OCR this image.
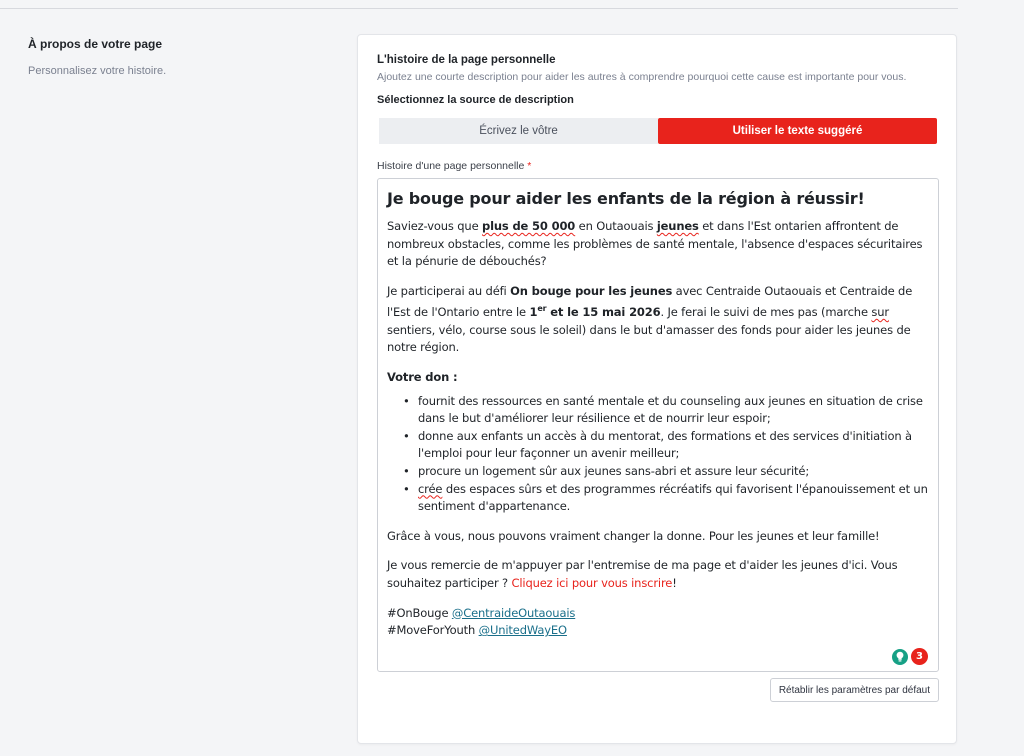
À propos de votre page
Personnalisez votre histoire.
L'histoire de la page personnelle
Ajoutez une courte description pour aider les autres à comprendre pourquoi cette cause est importante pour vous.
Sélectionnez la source de description
Écrivez le vôtre	Utiliser le texte suggéré
Histoire d'une page personnelle *
Je bouge pour aider les enfants de la région à réussir!

Saviez-vous que plus de 50 000 en Outaouais jeunes et dans l'Est ontarien affrontent de nombreux obstacles, comme les problèmes de santé mentale, l'absence d'espaces sécuritaires et la pénurie de débouchés?

Je participerai au défi On bouge pour les jeunes avec Centraide Outaouais et Centraide de l'Est de l'Ontario entre le 1er et le 15 mai 2026. Je ferai le suivi de mes pas (marche sur sentiers, vélo, course sous le soleil) dans le but d'amasser des fonds pour aider les jeunes de notre région.

Votre don :

• fournit des ressources en santé mentale et du counseling aux jeunes en situation de crise dans le but d'améliorer leur résilience et de nourrir leur espoir;
• donne aux enfants un accès à du mentorat, des formations et des services d'initiation à l'emploi pour leur façonner un avenir meilleur;
• procure un logement sûr aux jeunes sans-abri et assure leur sécurité;
• crée des espaces sûrs et des programmes récréatifs qui favorisent l'épanouissement et un sentiment d'appartenance.

Grâce à vous, nous pouvons vraiment changer la donne. Pour les jeunes et leur famille!

Je vous remercie de m'appuyer par l'entremise de ma page et d'aider les jeunes d'ici. Vous souhaitez participer ? Cliquez ici pour vous inscrire!

#OnBouge @CentraideOutaouais
#MoveForYouth @UnitedWayEO
3
Rétablir les paramètres par défaut
